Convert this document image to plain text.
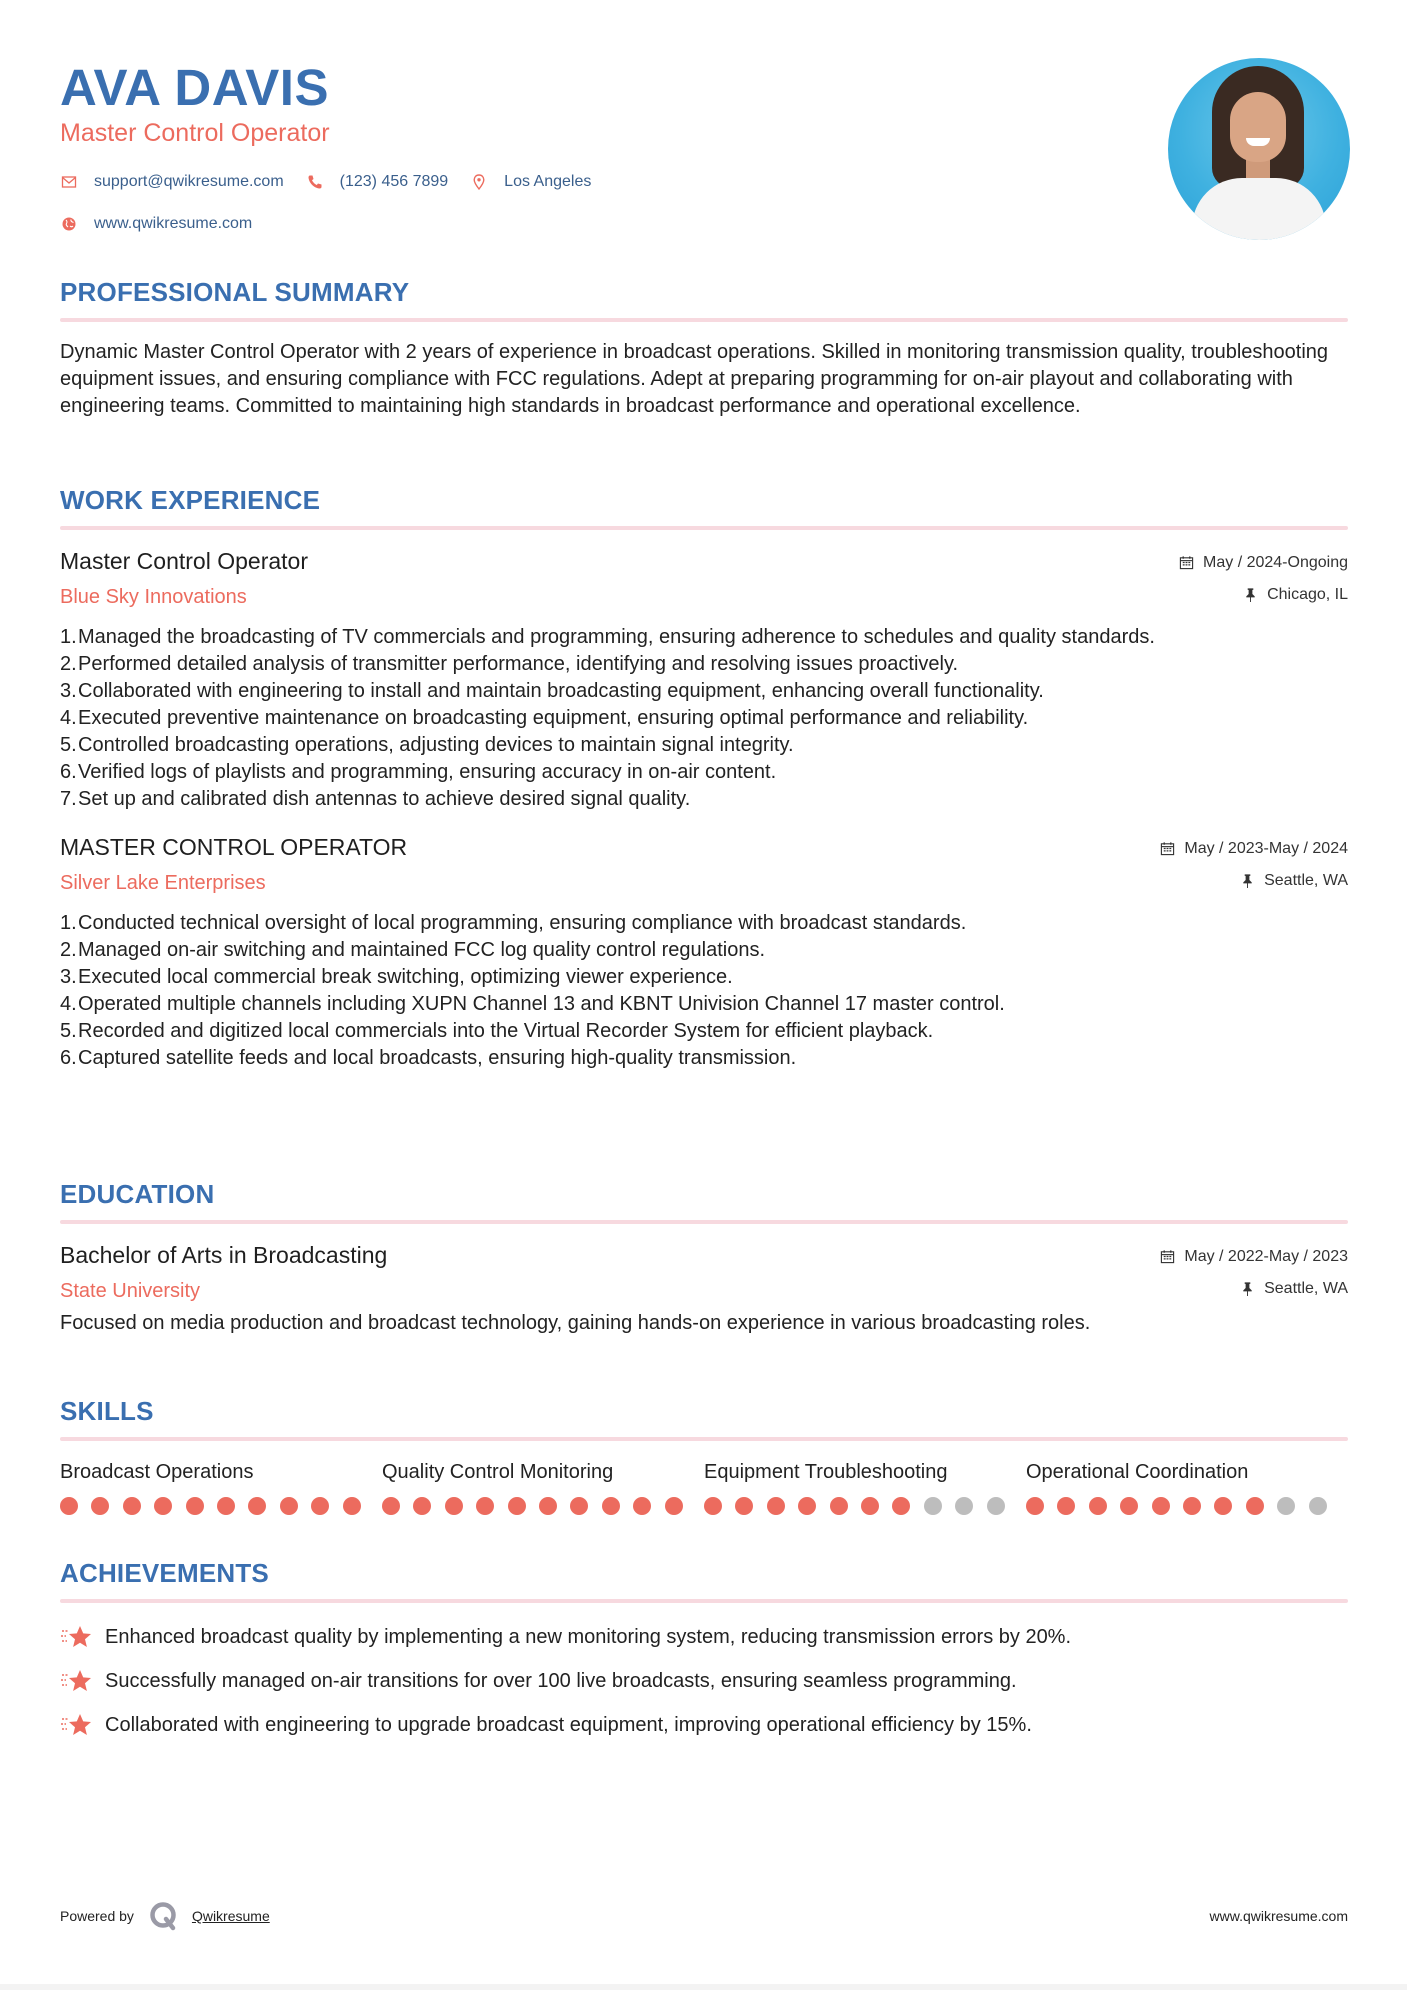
AVA DAVIS
Master Control Operator
support@qwikresume.com	(123) 456 7899	Los Angeles
www.qwikresume.com
PROFESSIONAL SUMMARY
Dynamic Master Control Operator with 2 years of experience in broadcast operations. Skilled in monitoring transmission quality, troubleshooting equipment issues, and ensuring compliance with FCC regulations. Adept at preparing programming for on-air playout and collaborating with engineering teams. Committed to maintaining high standards in broadcast performance and operational excellence.
WORK EXPERIENCE
Master Control Operator
Blue Sky Innovations
May / 2024-Ongoing
Chicago, IL
1. Managed the broadcasting of TV commercials and programming, ensuring adherence to schedules and quality standards.
2. Performed detailed analysis of transmitter performance, identifying and resolving issues proactively.
3. Collaborated with engineering to install and maintain broadcasting equipment, enhancing overall functionality.
4. Executed preventive maintenance on broadcasting equipment, ensuring optimal performance and reliability.
5. Controlled broadcasting operations, adjusting devices to maintain signal integrity.
6. Verified logs of playlists and programming, ensuring accuracy in on-air content.
7. Set up and calibrated dish antennas to achieve desired signal quality.
MASTER CONTROL OPERATOR
Silver Lake Enterprises
May / 2023-May / 2024
Seattle, WA
1. Conducted technical oversight of local programming, ensuring compliance with broadcast standards.
2. Managed on-air switching and maintained FCC log quality control regulations.
3. Executed local commercial break switching, optimizing viewer experience.
4. Operated multiple channels including XUPN Channel 13 and KBNT Univision Channel 17 master control.
5. Recorded and digitized local commercials into the Virtual Recorder System for efficient playback.
6. Captured satellite feeds and local broadcasts, ensuring high-quality transmission.
EDUCATION
Bachelor of Arts in Broadcasting
State University
May / 2022-May / 2023
Seattle, WA
Focused on media production and broadcast technology, gaining hands-on experience in various broadcasting roles.
SKILLS
Broadcast Operations	Quality Control Monitoring	Equipment Troubleshooting	Operational Coordination
ACHIEVEMENTS
Enhanced broadcast quality by implementing a new monitoring system, reducing transmission errors by 20%.
Successfully managed on-air transitions for over 100 live broadcasts, ensuring seamless programming.
Collaborated with engineering to upgrade broadcast equipment, improving operational efficiency by 15%.
Powered by	Qwikresume	www.qwikresume.com
